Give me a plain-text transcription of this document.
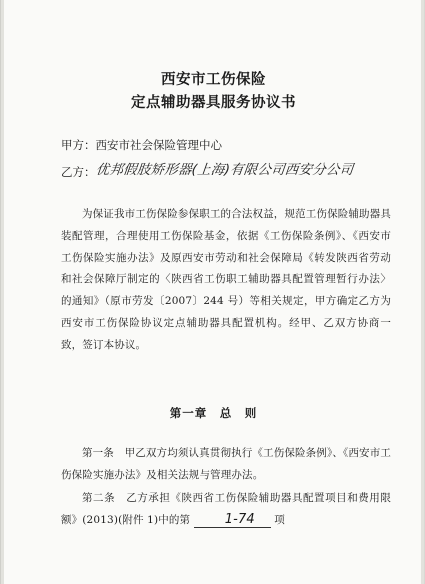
西安市工伤保险
定点辅助器具服务协议书
甲方：西安市社会保险管理中心
乙方：优邦假肢矫形器(上海)有限公司西安分公司
为保证我市工伤保险参保职工的合法权益，规范工伤保险辅助器具装配管理，合理使用工伤保险基金，依据《工伤保险条例》、《西安市工伤保险实施办法》及原西安市劳动和社会保障局《转发陕西省劳动和社会保障厅制定的〈陕西省工伤职工辅助器具配置管理暂行办法〉的通知》（原市劳发〔2007〕244 号）等相关规定，甲方确定乙方为西安市工伤保险协议定点辅助器具配置机构。经甲、乙双方协商一致，签订本协议。
第一章　总　则
第一条　甲乙双方均须认真贯彻执行《工伤保险条例》、《西安市工伤保险实施办法》及相关法规与管理办法。
第二条　乙方承担《陕西省工伤保险辅助器具配置项目和费用限额》(2013)(附件 1)中的第	1-74 项
